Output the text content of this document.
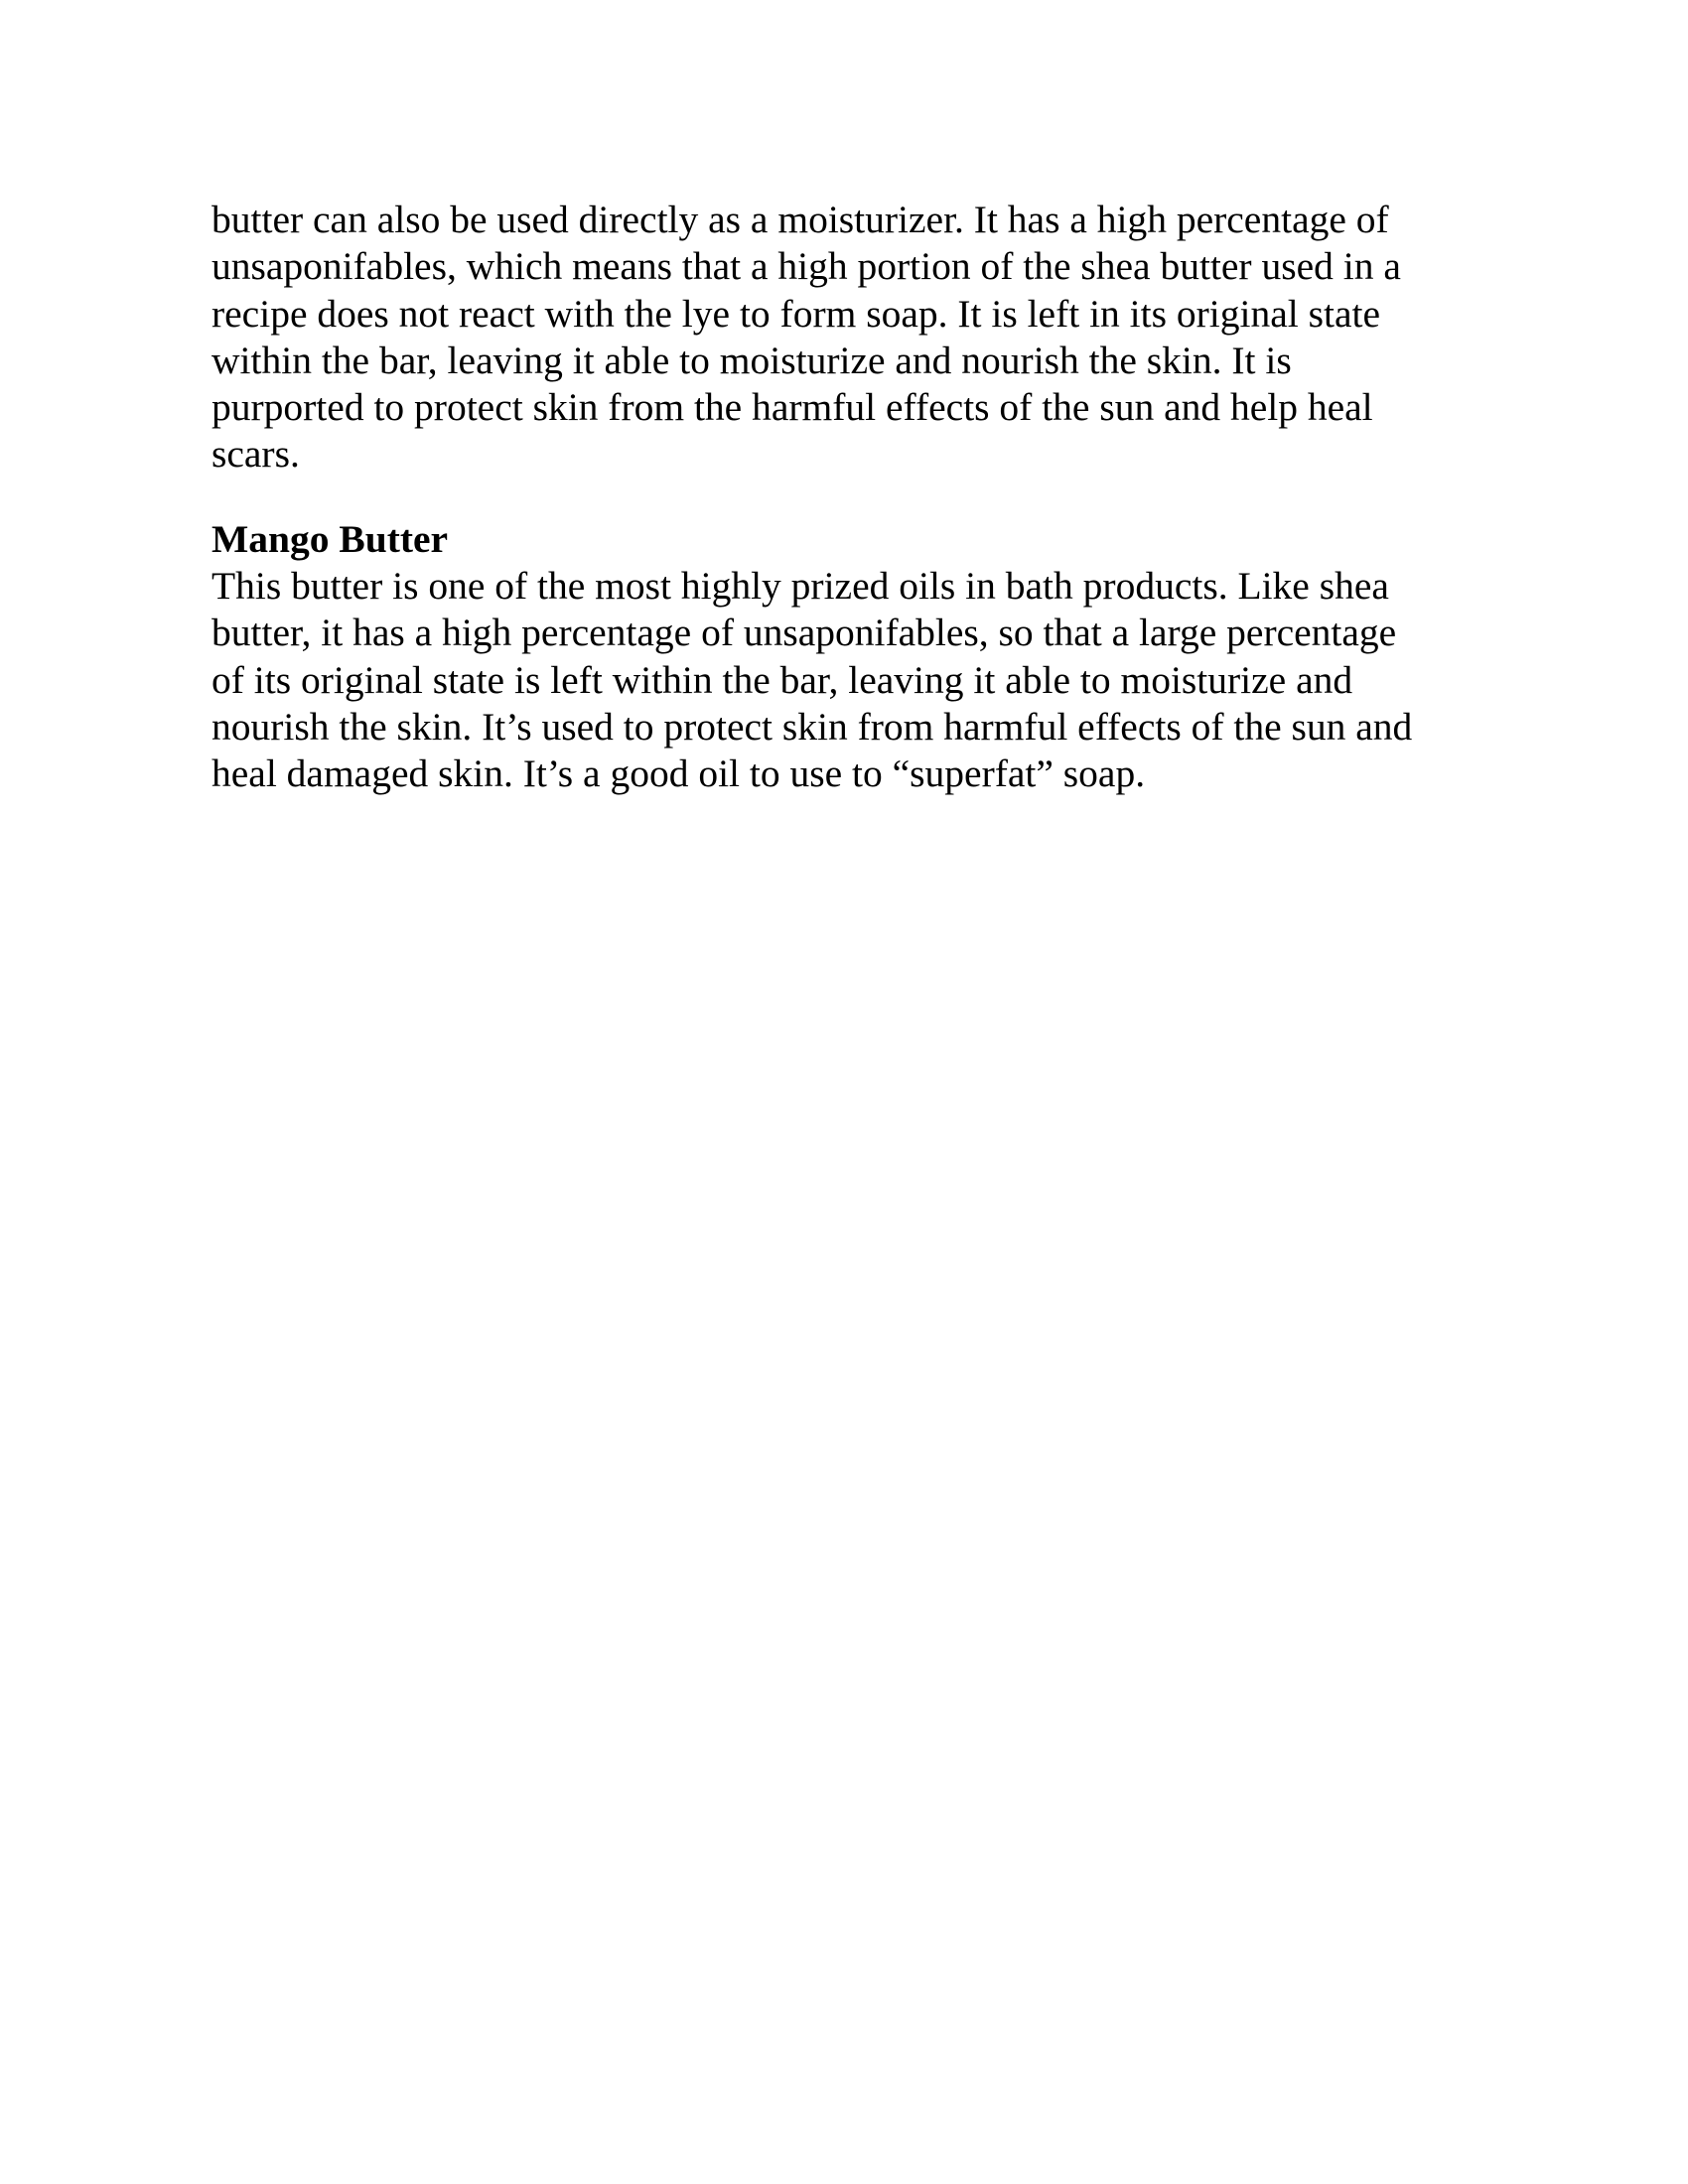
butter can also be used directly as a moisturizer. It has a high percentage of
unsaponifables, which means that a high portion of the shea butter used in a
recipe does not react with the lye to form soap. It is left in its original state
within the bar, leaving it able to moisturize and nourish the skin. It is
purported to protect skin from the harmful effects of the sun and help heal
scars.

Mango Butter

This butter is one of the most highly prized oils in bath products. Like shea
butter, it has a high percentage of unsaponifables, so that a large percentage
of its original state is left within the bar, leaving it able to moisturize and
nourish the skin. It’s used to protect skin from harmful effects of the sun and
heal damaged skin. It’s a good oil to use to “superfat” soap.
